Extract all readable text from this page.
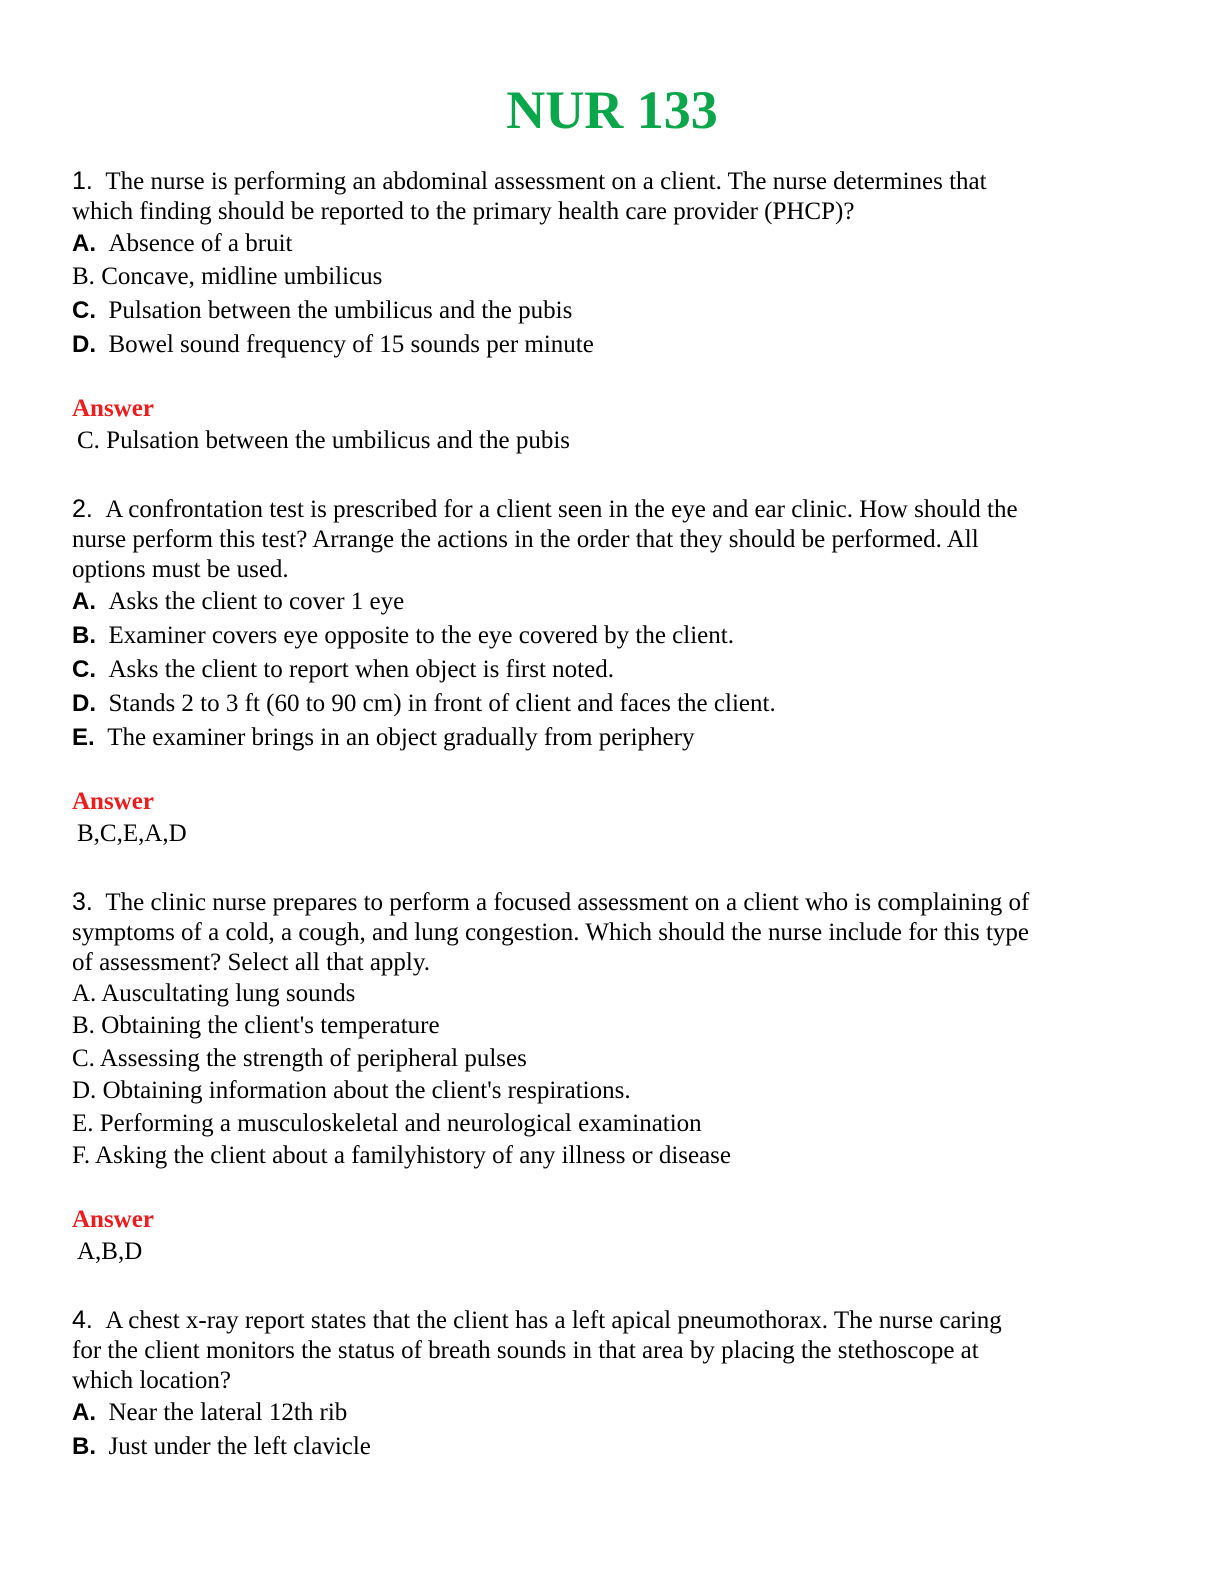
NUR 133
1. The nurse is performing an abdominal assessment on a client. The nurse determines that
which finding should be reported to the primary health care provider (PHCP)?
A. Absence of a bruit
B. Concave, midline umbilicus
C. Pulsation between the umbilicus and the pubis
D. Bowel sound frequency of 15 sounds per minute
Answer
C. Pulsation between the umbilicus and the pubis
2. A confrontation test is prescribed for a client seen in the eye and ear clinic. How should the
nurse perform this test? Arrange the actions in the order that they should be performed. All
options must be used.
A. Asks the client to cover 1 eye
B. Examiner covers eye opposite to the eye covered by the client.
C. Asks the client to report when object is first noted.
D. Stands 2 to 3 ft (60 to 90 cm) in front of client and faces the client.
E. The examiner brings in an object gradually from periphery
Answer
B,C,E,A,D
3. The clinic nurse prepares to perform a focused assessment on a client who is complaining of
symptoms of a cold, a cough, and lung congestion. Which should the nurse include for this type
of assessment? Select all that apply.
A. Auscultating lung sounds
B. Obtaining the client's temperature
C. Assessing the strength of peripheral pulses
D. Obtaining information about the client's respirations.
E. Performing a musculoskeletal and neurological examination
F. Asking the client about a familyhistory of any illness or disease
Answer
A,B,D
4. A chest x-ray report states that the client has a left apical pneumothorax. The nurse caring
for the client monitors the status of breath sounds in that area by placing the stethoscope at
which location?
A. Near the lateral 12th rib
B. Just under the left clavicle
